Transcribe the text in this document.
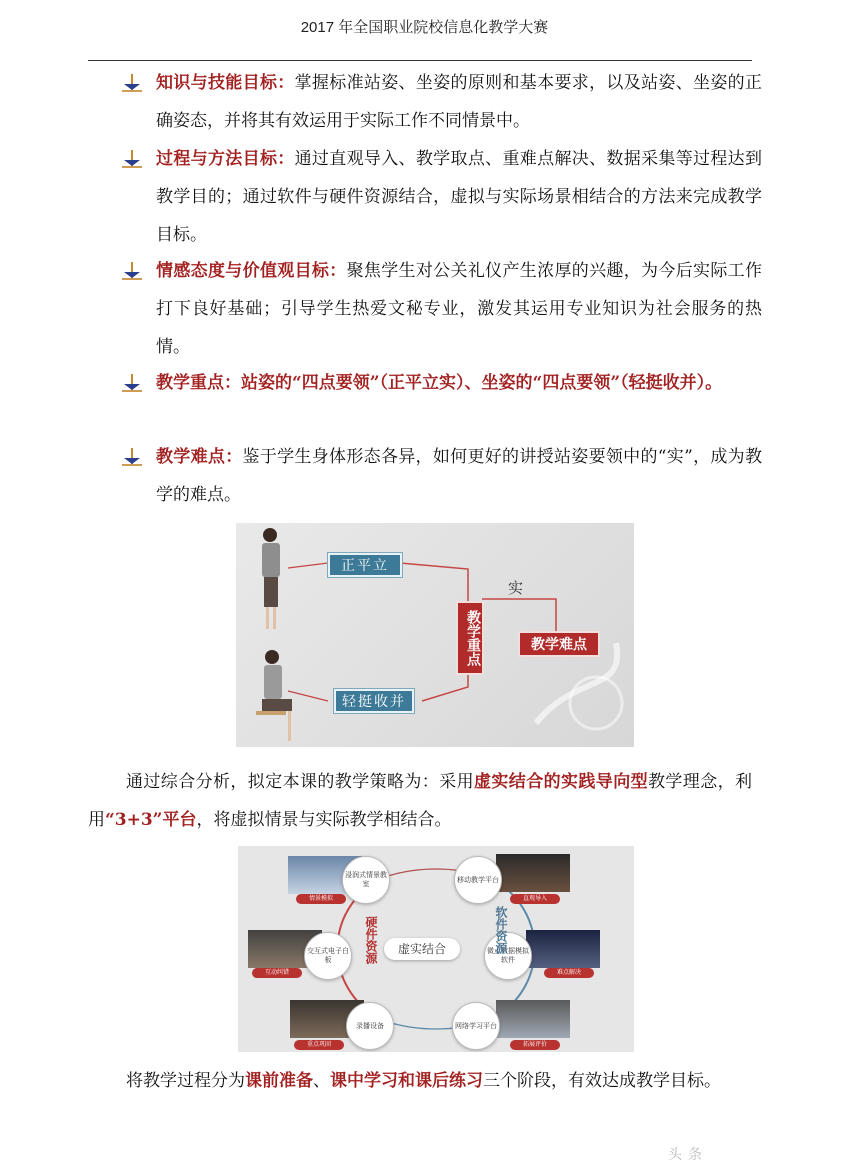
2017 年全国职业院校信息化教学大赛
知识与技能目标：掌握标准站姿、坐姿的原则和基本要求，以及站姿、坐姿的正确姿态，并将其有效运用于实际工作不同情景中。
过程与方法目标：通过直观导入、教学取点、重难点解决、数据采集等过程达到教学目的；通过软件与硬件资源结合，虚拟与实际场景相结合的方法来完成教学目标。
情感态度与价值观目标：聚焦学生对公关礼仪产生浓厚的兴趣，为今后实际工作打下良好基础；引导学生热爱文秘专业，激发其运用专业知识为社会服务的热情。
教学重点：站姿的“四点要领”（正平立实）、坐姿的“四点要领”（轻挺收并）。
教学难点：鉴于学生身体形态各异，如何更好的讲授站姿要领中的“实”，成为教学的难点。
正平立
轻挺收并
教学重点	教学难点
实
通过综合分析，拟定本课的教学策略为：采用虚实结合的实践导向型教学理念，利用“3+3”平台，将虚拟情景与实际教学相结合。
情景模拟
互动纠错
重点巩固
直观导入
难点解决
拓展评价
浸润式情景教室
交互式电子白板
录播设备
移动教学平台
微点数据模拟软件
网络学习平台
硬件资源	软件资源
虚实结合
将教学过程分为课前准备、课中学习和课后练习三个阶段，有效达成教学目标。
头条
